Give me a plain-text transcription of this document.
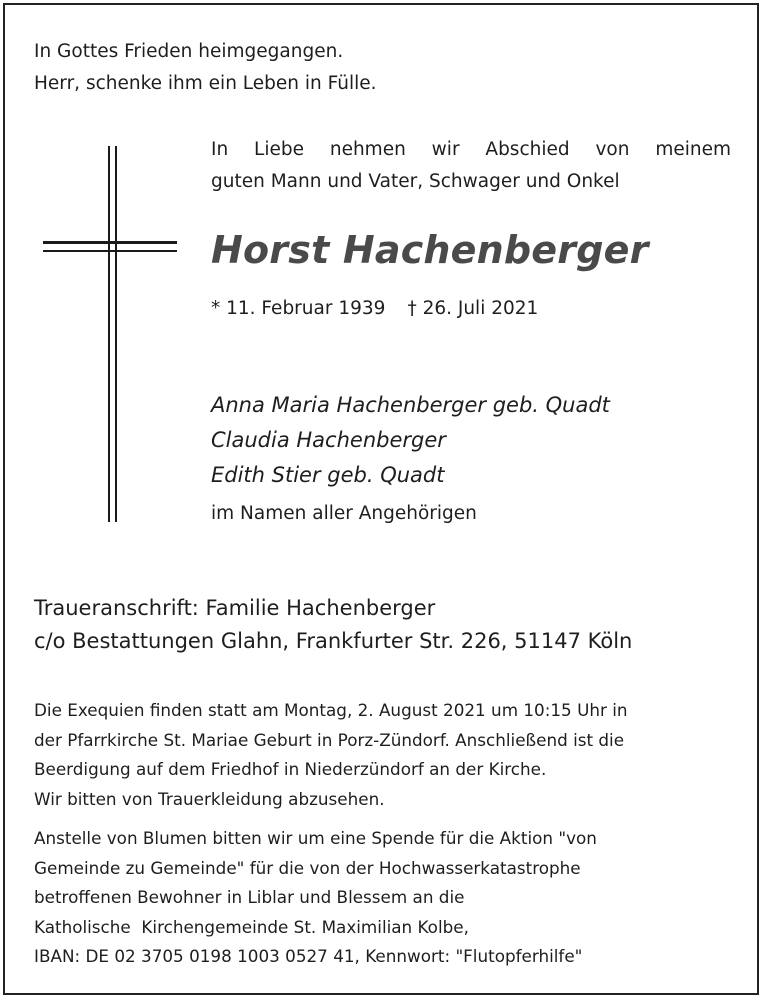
In Gottes Frieden heimgegangen.
Herr, schenke ihm ein Leben in Fülle.
In Liebe nehmen wir Abschied von meinem
guten Mann und Vater, Schwager und Onkel
Horst Hachenberger
* 11. Februar 1939 † 26. Juli 2021
Anna Maria Hachenberger geb. Quadt
Claudia Hachenberger
Edith Stier geb. Quadt
im Namen aller Angehörigen
Traueranschrift: Familie Hachenberger
c/o Bestattungen Glahn, Frankfurter Str. 226, 51147 Köln
Die Exequien finden statt am Montag, 2. August 2021 um 10:15 Uhr in
der Pfarrkirche St. Mariae Geburt in Porz-Zündorf. Anschließend ist die
Beerdigung auf dem Friedhof in Niederzündorf an der Kirche.
Wir bitten von Trauerkleidung abzusehen.
Anstelle von Blumen bitten wir um eine Spende für die Aktion "von
Gemeinde zu Gemeinde" für die von der Hochwasserkatastrophe
betroffenen Bewohner in Liblar und Blessem an die
Katholische  Kirchengemeinde St. Maximilian Kolbe,
IBAN: DE 02 3705 0198 1003 0527 41, Kennwort: "Flutopferhilfe"
